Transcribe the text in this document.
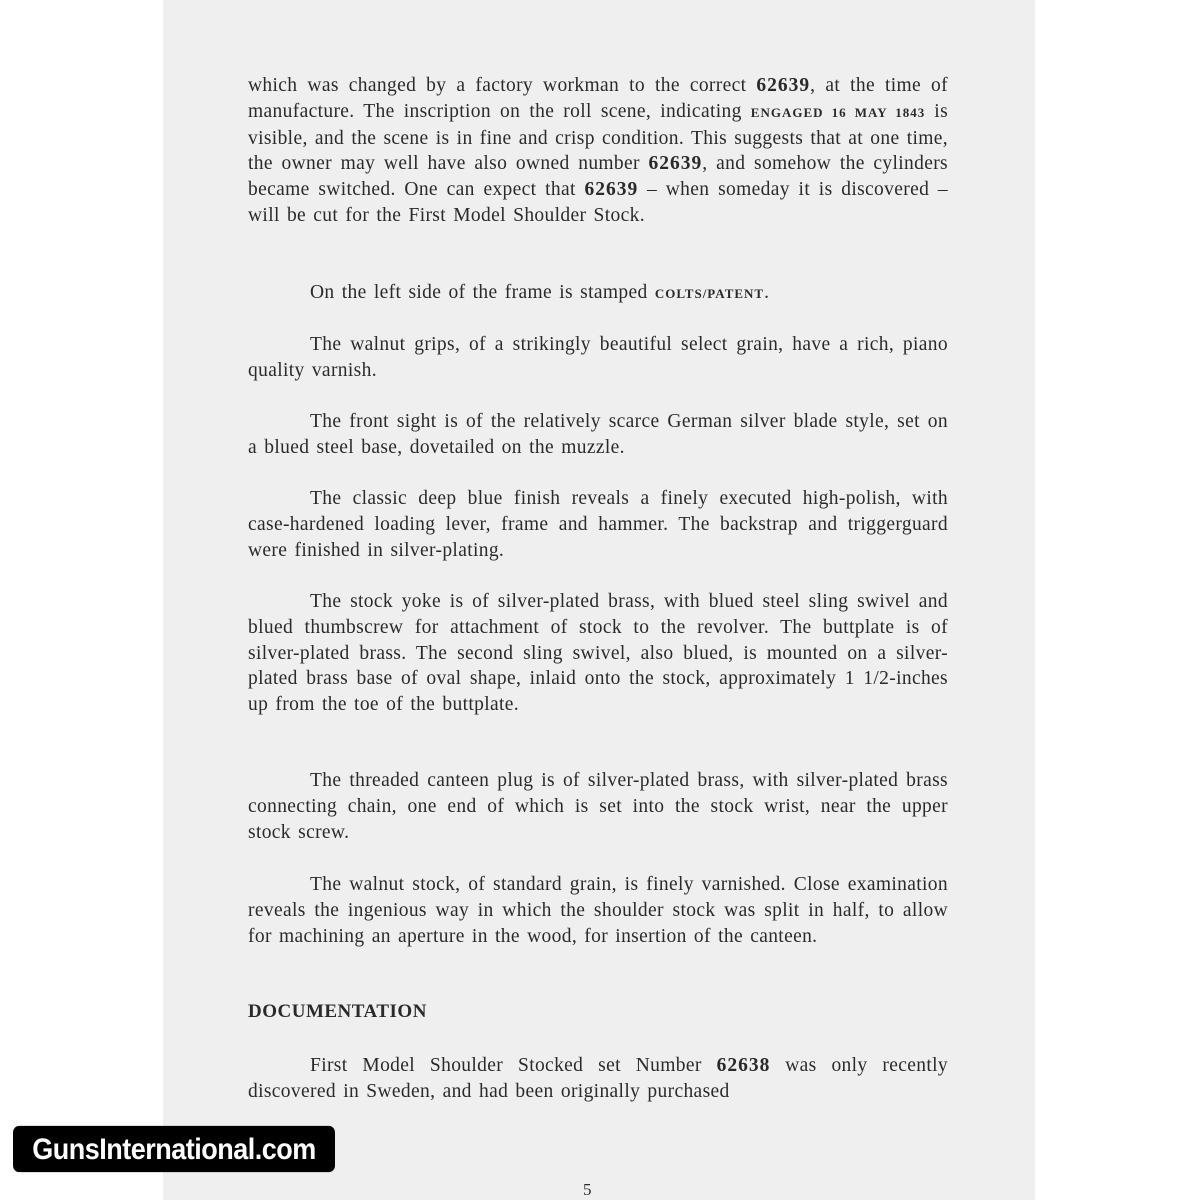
which was changed by a factory workman to the correct 62639, at the time of manufacture. The inscription on the roll scene, indicating ENGAGED 16 MAY 1843 is visible, and the scene is in fine and crisp condition. This suggests that at one time, the owner may well have also owned number 62639, and somehow the cylinders became switched. One can expect that 62639 – when someday it is discovered – will be cut for the First Model Shoulder Stock.

On the left side of the frame is stamped COLTS/PATENT.

The walnut grips, of a strikingly beautiful select grain, have a rich, piano quality varnish.

The front sight is of the relatively scarce German silver blade style, set on a blued steel base, dovetailed on the muzzle.

The classic deep blue finish reveals a finely executed high-polish, with case-hardened loading lever, frame and hammer. The backstrap and triggerguard were finished in silver-plating.

The stock yoke is of silver-plated brass, with blued steel sling swivel and blued thumbscrew for attachment of stock to the revolver. The buttplate is of silver-plated brass. The second sling swivel, also blued, is mounted on a silver-plated brass base of oval shape, inlaid onto the stock, approximately 1 1/2-inches up from the toe of the buttplate.

The threaded canteen plug is of silver-plated brass, with silver-plated brass connecting chain, one end of which is set into the stock wrist, near the upper stock screw.

The walnut stock, of standard grain, is finely varnished. Close examination reveals the ingenious way in which the shoulder stock was split in half, to allow for machining an aperture in the wood, for insertion of the canteen.

DOCUMENTATION

First Model Shoulder Stocked set Number 62638 was only recently discovered in Sweden, and had been originally purchased

5
GunsInternational.com
